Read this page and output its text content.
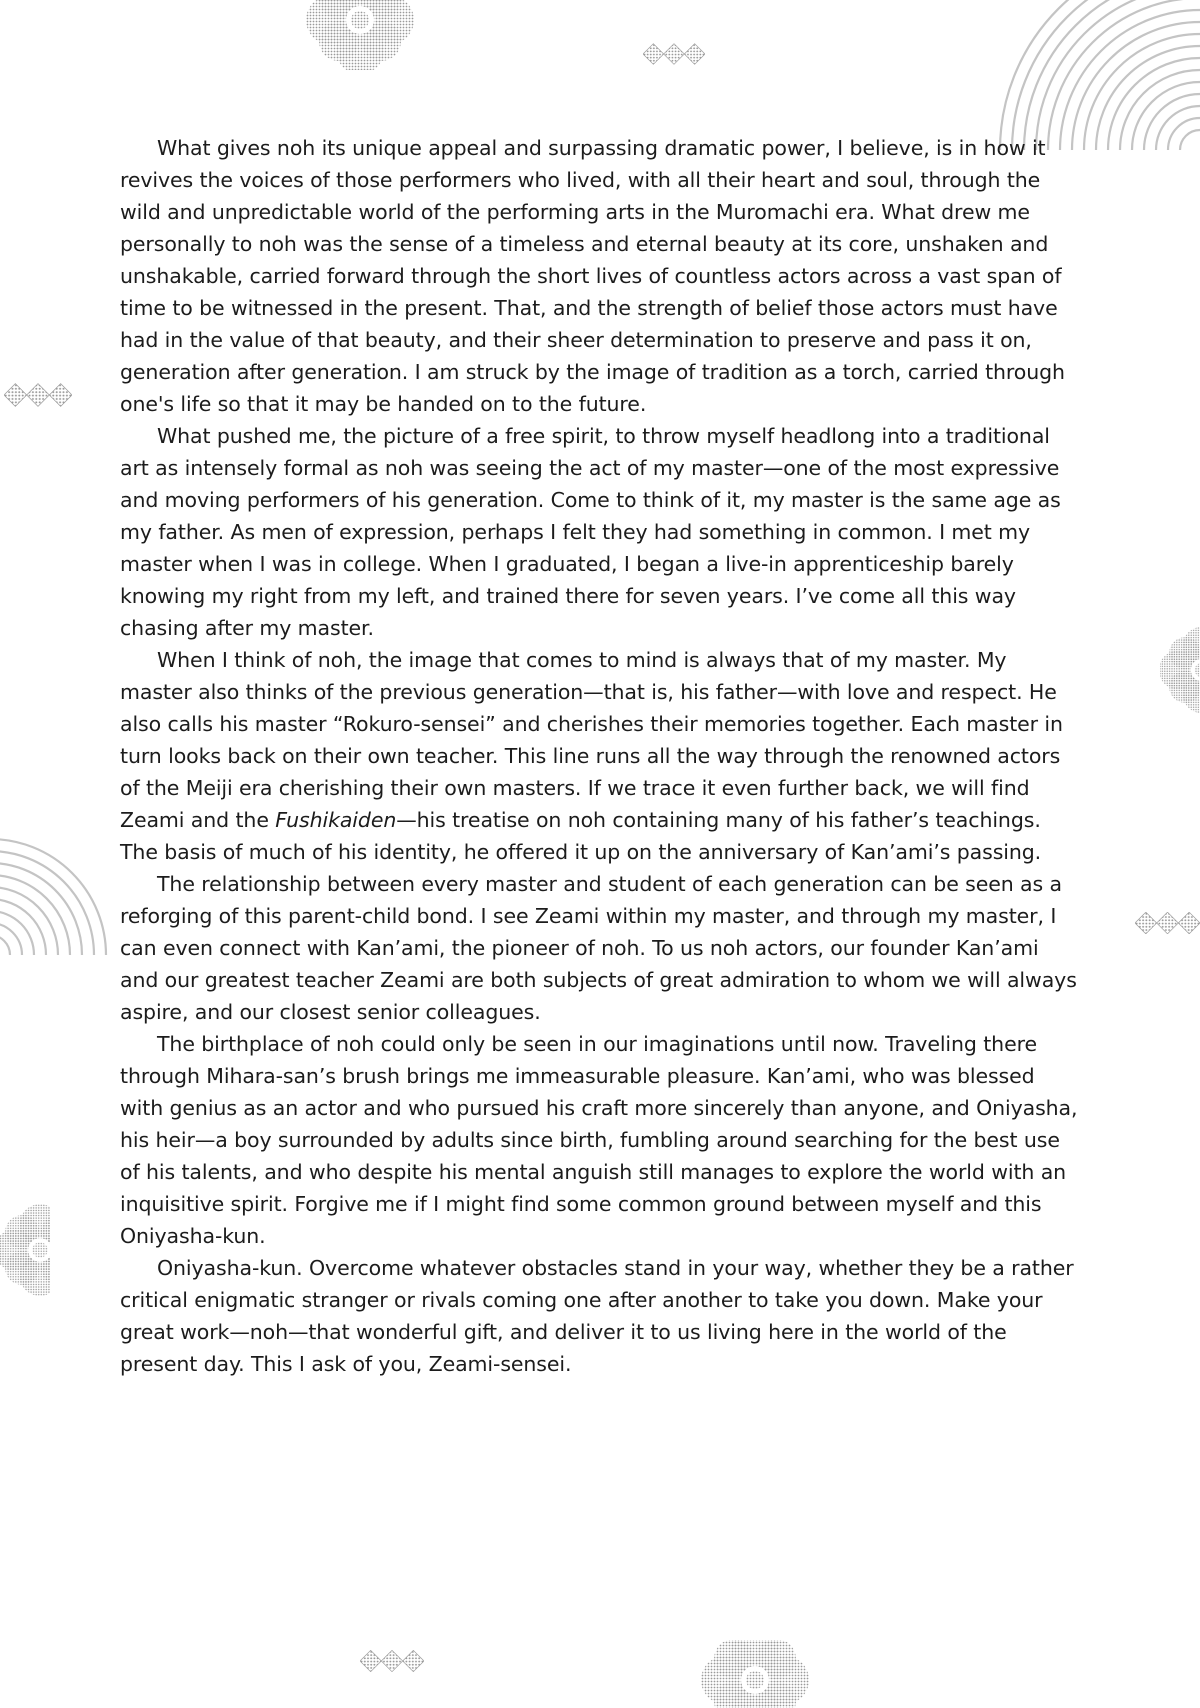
What gives noh its unique appeal and surpassing dramatic power, I believe, is in how it revives the voices of those performers who lived, with all their heart and soul, through the wild and unpredictable world of the performing arts in the Muromachi era. What drew me personally to noh was the sense of a timeless and eternal beauty at its core, unshaken and unshakable, carried forward through the short lives of countless actors across a vast span of time to be witnessed in the present. That, and the strength of belief those actors must have had in the value of that beauty, and their sheer determination to preserve and pass it on, generation after generation. I am struck by the image of tradition as a torch, carried through one's life so that it may be handed on to the future.

What pushed me, the picture of a free spirit, to throw myself headlong into a traditional art as intensely formal as noh was seeing the act of my master—one of the most expressive and moving performers of his generation. Come to think of it, my master is the same age as my father. As men of expression, perhaps I felt they had something in common. I met my master when I was in college. When I graduated, I began a live-in apprenticeship barely knowing my right from my left, and trained there for seven years. I’ve come all this way chasing after my master.

When I think of noh, the image that comes to mind is always that of my master. My master also thinks of the previous generation—that is, his father—with love and respect. He also calls his master “Rokuro-sensei” and cherishes their memories together. Each master in turn looks back on their own teacher. This line runs all the way through the renowned actors of the Meiji era cherishing their own masters. If we trace it even further back, we will find Zeami and the Fushikaiden—his treatise on noh containing many of his father’s teachings. The basis of much of his identity, he offered it up on the anniversary of Kan’ami’s passing.

The relationship between every master and student of each generation can be seen as a reforging of this parent-child bond. I see Zeami within my master, and through my master, I can even connect with Kan’ami, the pioneer of noh. To us noh actors, our founder Kan’ami and our greatest teacher Zeami are both subjects of great admiration to whom we will always aspire, and our closest senior colleagues.

The birthplace of noh could only be seen in our imaginations until now. Traveling there through Mihara-san’s brush brings me immeasurable pleasure. Kan’ami, who was blessed with genius as an actor and who pursued his craft more sincerely than anyone, and Oniyasha, his heir—a boy surrounded by adults since birth, fumbling around searching for the best use of his talents, and who despite his mental anguish still manages to explore the world with an inquisitive spirit. Forgive me if I might find some common ground between myself and this Oniyasha-kun.

Oniyasha-kun. Overcome whatever obstacles stand in your way, whether they be a rather critical enigmatic stranger or rivals coming one after another to take you down. Make your great work—noh—that wonderful gift, and deliver it to us living here in the world of the present day. This I ask of you, Zeami-sensei.
